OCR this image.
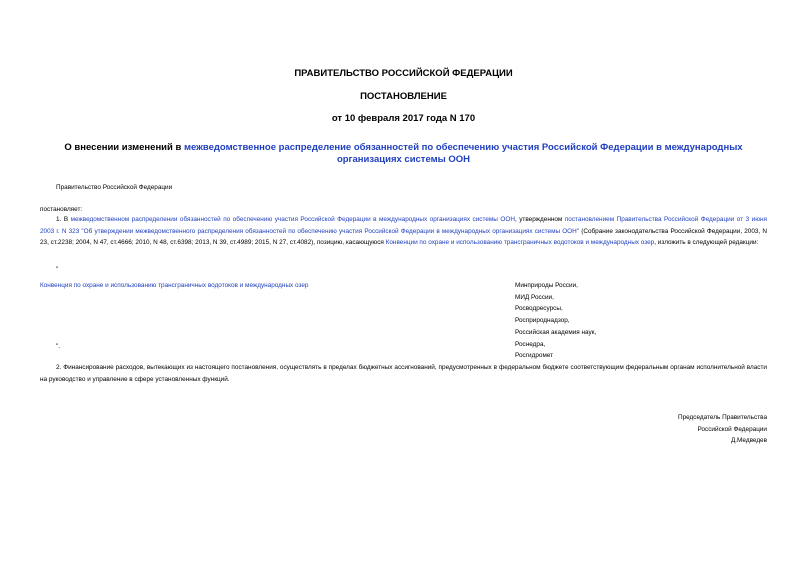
ПРАВИТЕЛЬСТВО РОССИЙСКОЙ ФЕДЕРАЦИИ
ПОСТАНОВЛЕНИЕ
от 10 февраля 2017 года N 170
О внесении изменений в межведомственное распределение обязанностей по обеспечению участия Российской Федерации в международных организациях системы ООН
Правительство Российской Федерации
постановляет:
1. В межведомственном распределении обязанностей по обеспечению участия Российской Федерации в международных организациях системы ООН, утвержденном постановлением Правительства Российской Федерации от 3 июня 2003 г. N 323 "Об утверждении межведомственного распределения обязанностей по обеспечению участия Российской Федерации в международных организациях системы ООН" (Собрание законодательства Российской Федерации, 2003, N 23, ст.2238; 2004, N 47, ст.4666; 2010, N 48, ст.6398; 2013, N 39, ст.4989; 2015, N 27, ст.4082), позицию, касающуюся Конвенции по охране и использованию трансграничных водотоков и международных озер, изложить в следующей редакции:
"
Конвенция по охране и использованию трансграничных водотоков и международных озер	Минприроды России,
МИД России,
Росводресурсы,
Росприроднадзор,
Российская академия наук,
Роснедра,
Росгидромет
".
2. Финансирование расходов, вытекающих из настоящего постановления, осуществлять в пределах бюджетных ассигнований, предусмотренных в федеральном бюджете соответствующим федеральным органам исполнительной власти на руководство и управление в сфере установленных функций.
Председатель Правительства
Российской Федерации
Д.Медведев
